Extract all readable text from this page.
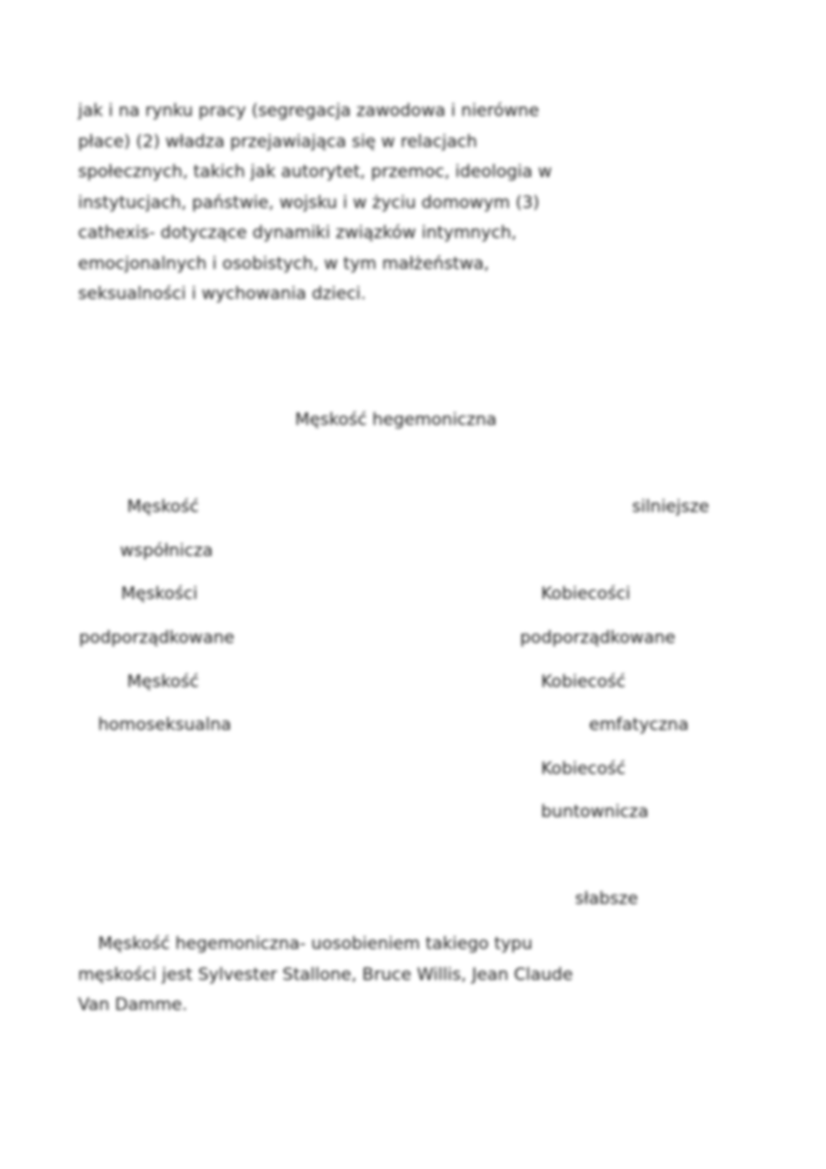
jak i na rynku pracy (segregacja zawodowa i nierówne
płace) (2) władza przejawiająca się w relacjach
społecznych, takich jak autorytet, przemoc, ideologia w
instytucjach, państwie, wojsku i w życiu domowym (3)
cathexis- dotyczące dynamiki związków intymnych,
emocjonalnych i osobistych, w tym małżeństwa,
seksualności i wychowania dzieci.

Męskość hegemoniczna
Męskość
współnicza
Męskości
podporządkowane
Męskość
homoseksualna
silniejsze
Kobiecości
podporządkowane
Kobiecość
emfatyczna
Kobiecość
buntownicza
słabsze

Męskość hegemoniczna- uosobieniem takiego typu
męskości jest Sylvester Stallone, Bruce Willis, Jean Claude
Van Damme.
